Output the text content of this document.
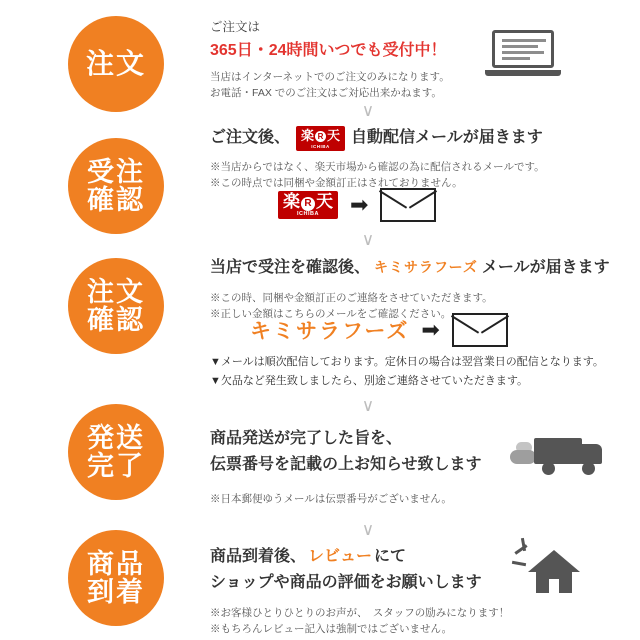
注文
受注
確認
注文
確認
発送
完了
商品
到着
ご注文は
365日・24時間いつでも受付中！
当店はインターネットでのご注文のみになります。
お電話・FAX でのご注文はご対応出来かねます。
∨
ご注文後、 楽 R 天
ICHIBA
自動配信メールが届きます
※当店からではなく、楽天市場から確認の為に配信されるメールです。
※この時点では同梱や金額訂正はされておりません。
楽 R 天
ICHIBA	➡
∨
当店で受注を確認後、 キミサラフーズ メールが届きます
※この時、同梱や金額訂正のご連絡をさせていただきます。
※正しい金額はこちらのメールをご確認ください。
キミサラフーズ ➡
▼メールは順次配信しております。定休日の場合は翌営業日の配信となります。
▼欠品など発生致しましたら、別途ご連絡させていただきます。
∨
商品発送が完了した旨を、
伝票番号を記載の上お知らせ致します
※日本郵便ゆうメールは伝票番号がございません。
∨
商品到着後、 レビュー にて
ショップや商品の評価をお願いします
※お客様ひとりひとりのお声が、　スタッフの励みになります！
※もちろんレビュー記入は強制ではございません。
